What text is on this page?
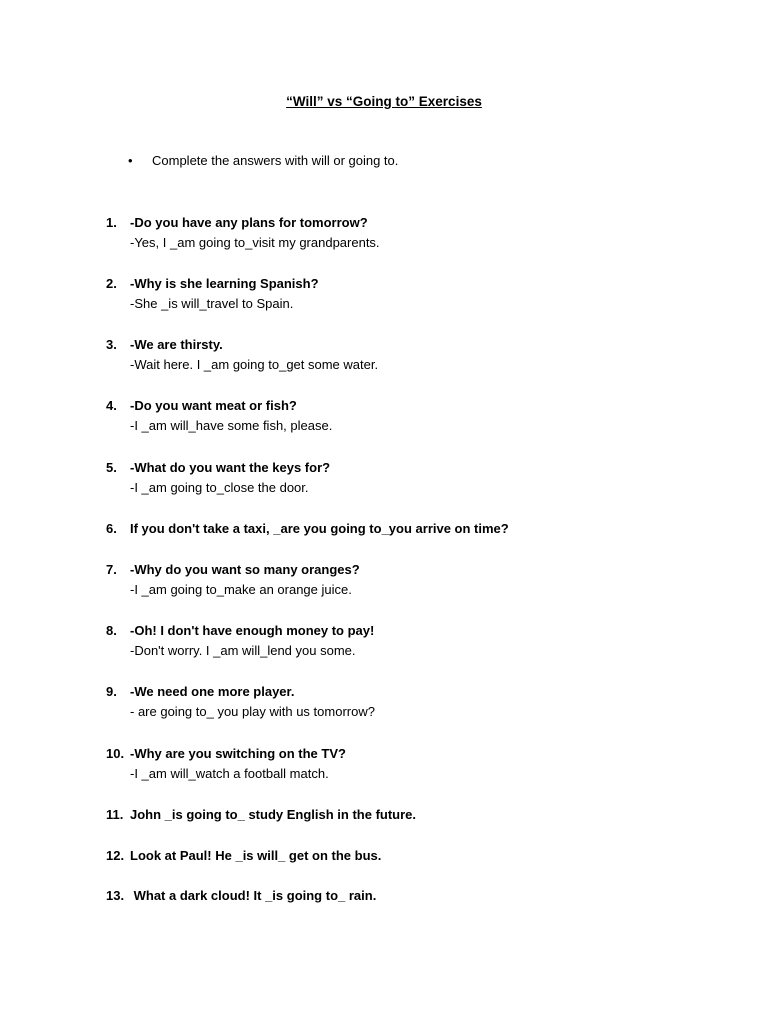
“Will” vs “Going to” Exercises
• Complete the answers with will or going to.
1. -Do you have any plans for tomorrow?
-Yes, I _am going to_visit my grandparents.
2. -Why is she learning Spanish?
-She _is will_travel to Spain.
3. -We are thirsty.
-Wait here. I _am going to_get some water.
4. -Do you want meat or fish?
-I _am will_have some fish, please.
5. -What do you want the keys for?
-I _am going to_close the door.
6. If you don't take a taxi, _are you going to_you arrive on time?
7. -Why do you want so many oranges?
-I _am going to_make an orange juice.
8. -Oh! I don't have enough money to pay!
-Don't worry. I _am will_lend you some.
9. -We need one more player.
- are going to_ you play with us tomorrow?
10. -Why are you switching on the TV?
-I _am will_watch a football match.
11. John _is going to_ study English in the future.
12. Look at Paul! He _is will_ get on the bus.
13. What a dark cloud! It _is going to_ rain.
